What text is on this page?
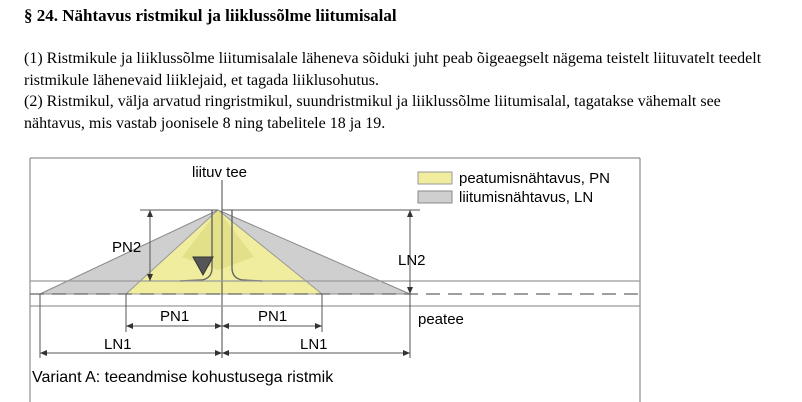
§ 24. Nähtavus ristmikul ja liiklussõlme liitumisalal
(1) Ristmikule ja liiklussõlme liitumisalale läheneva sõiduki juht peab õigeaegselt nägema teistelt liituvatelt teedelt ristmikule lähenevaid liiklejaid, et tagada liiklusohutus.
(2) Ristmikul, välja arvatud ringristmikul, suundristmikul ja liiklussõlme liitumisalal, tagatakse vähemalt see nähtavus, mis vastab joonisele 8 ning tabelitele 18 ja 19.
PN2
LN2
PN1	PN1
LN1	LN1
liituv tee
peatee
Variant A: teeandmise kohustusega ristmik
peatumisnähtavus, PN
liitumisnähtavus, LN
